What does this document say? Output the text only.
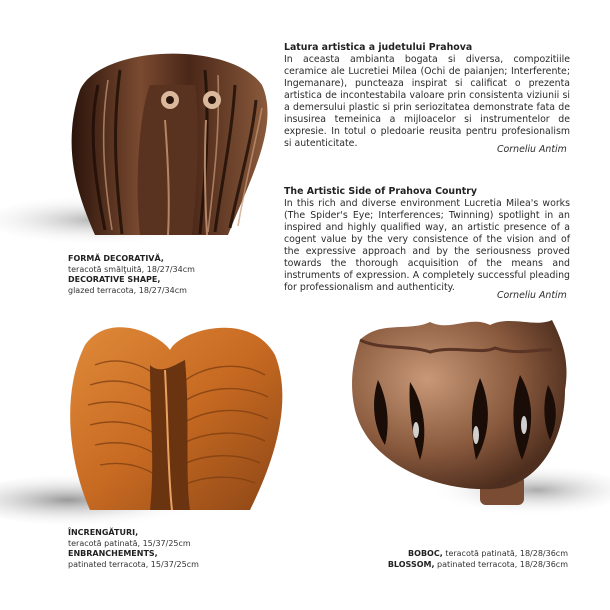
Latura artistica a judetului Prahova
In aceasta ambianta bogata si diversa, compozitiile ceramice ale Lucretiei Milea (Ochi de paianjen; Interferente; Ingemanare), puncteaza inspirat si calificat o prezenta artistica de incontestabila valoare prin consistenta viziunii si a demersului plastic si prin seriozitatea demonstrate fata de insusirea temeinica a mijloacelor si instrumentelor de expresie. In totul o pledoarie reusita pentru profesionalism si autenticitate.
Corneliu Antim
The Artistic Side of Prahova Country
In this rich and diverse environment Lucretia Milea's works (The Spider's Eye; Interferences; Twinning) spotlight in an inspired and highly qualified way, an artistic presence of a cogent value by the very consistence of the vision and of the expressive approach and by the seriousness proved towards the thorough acquisition of the means and instruments of expression. A completely successful pleading for professionalism and authenticity.
Corneliu Antim
FORMĂ DECORATIVĂ,
teracotă smălţuită, 18/27/34cm
DECORATIVE SHAPE,
glazed terracota, 18/27/34cm
ÎNCRENGĂTURI,
teracotă patinată, 15/37/25cm
ENBRANCHEMENTS,
patinated terracota, 15/37/25cm
BOBOC, teracotă patinată, 18/28/36cm
BLOSSOM, patinated terracota, 18/28/36cm
